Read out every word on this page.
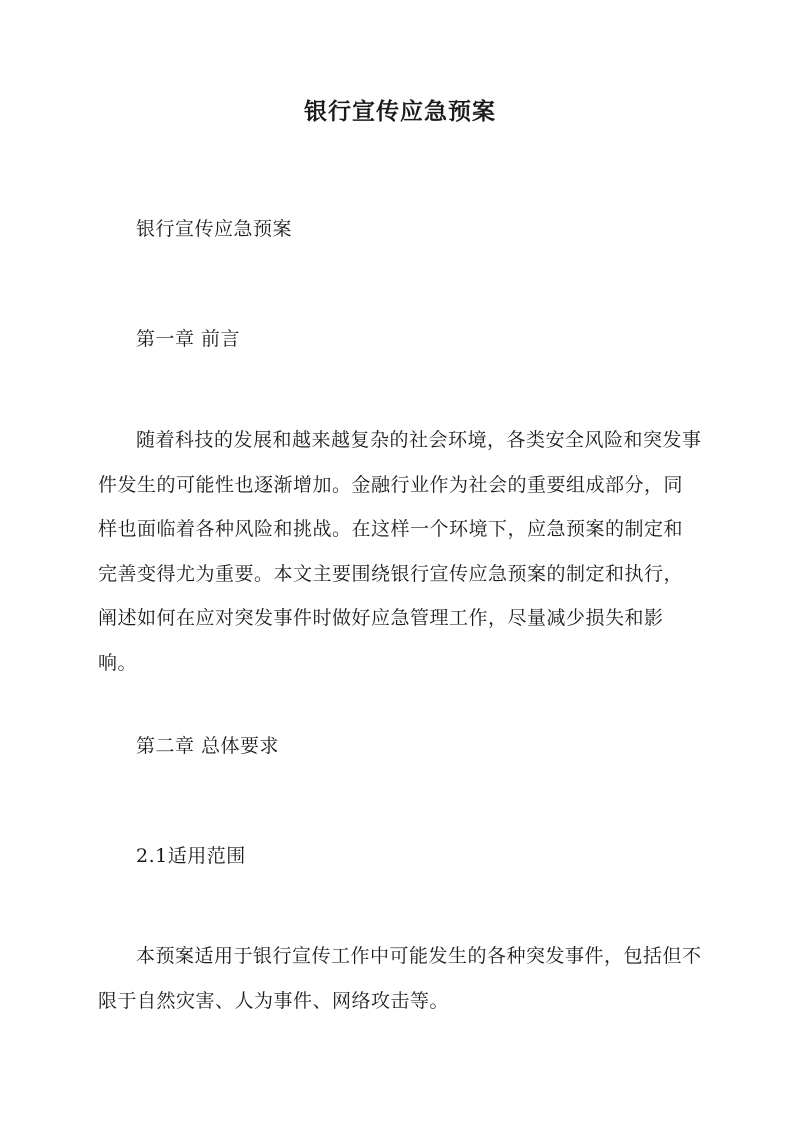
银行宣传应急预案
银行宣传应急预案
第一章 前言
随着科技的发展和越来越复杂的社会环境，各类安全风险和突发事件发生的可能性也逐渐增加。金融行业作为社会的重要组成部分，同样也面临着各种风险和挑战。在这样一个环境下，应急预案的制定和完善变得尤为重要。本文主要围绕银行宣传应急预案的制定和执行，阐述如何在应对突发事件时做好应急管理工作，尽量减少损失和影响。
第二章 总体要求
2.1适用范围
本预案适用于银行宣传工作中可能发生的各种突发事件，包括但不限于自然灾害、人为事件、网络攻击等。
